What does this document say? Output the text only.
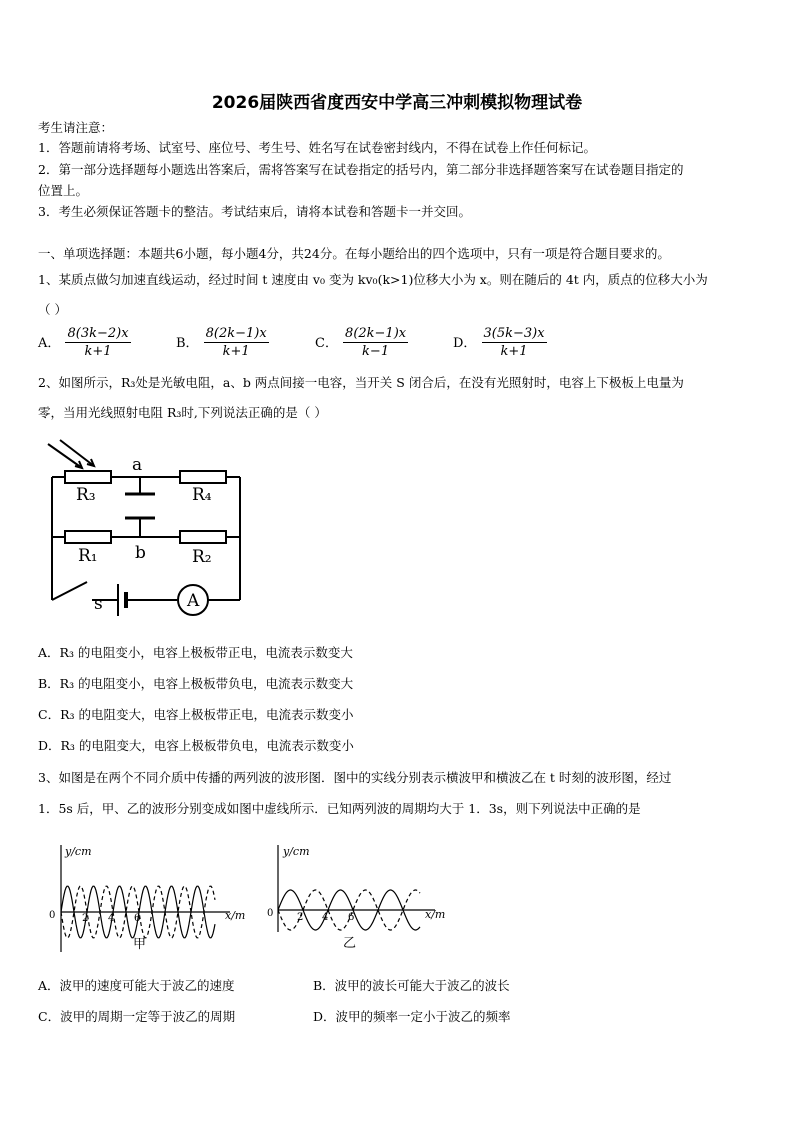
2026届陕西省度西安中学高三冲刺模拟物理试卷
考生请注意：
1．答题前请将考场、试室号、座位号、考生号、姓名写在试卷密封线内，不得在试卷上作任何标记。
2．第一部分选择题每小题选出答案后，需将答案写在试卷指定的括号内，第二部分非选择题答案写在试卷题目指定的
位置上。
3．考生必须保证答题卡的整洁。考试结束后，请将本试卷和答题卡一并交回。
一、单项选择题：本题共6小题，每小题4分，共24分。在每小题给出的四个选项中，只有一项是符合题目要求的。
1、某质点做匀加速直线运动，经过时间 t 速度由 v₀ 变为 kv₀(k>1)位移大小为 x。则在随后的 4t 内，质点的位移大小为
（ ）
A． $\frac{8(3k-2)x}{k+1}$	B． $\frac{8(2k-1)x}{k+1}$	C． $\frac{8(2k-1)x}{k-1}$	D． $\frac{3(5k-3)x}{k+1}$
2、如图所示，R₃处是光敏电阻，a、b 两点间接一电容，当开关 S 闭合后，在没有光照射时，电容上下极板上电量为
零，当用光线照射电阻 R₃时,下列说法正确的是（ ）
a
b
R₃	R₄
R₁	R₂
s	A
A．R₃ 的电阻变小，电容上极板带正电，电流表示数变大
B．R₃ 的电阻变小，电容上极板带负电，电流表示数变大
C．R₃ 的电阻变大，电容上极板带正电，电流表示数变小
D．R₃ 的电阻变大，电容上极板带负电，电流表示数变小
3、如图是在两个不同介质中传播的两列波的波形图．图中的实线分别表示横波甲和横波乙在 t 时刻的波形图，经过
1．5s 后，甲、乙的波形分别变成如图中虚线所示．已知两列波的周期均大于 1．3s，则下列说法中正确的是
y/cm
x/m
0	2 4 6
甲
y/cm
x/m
0 2 4 6
乙
A．波甲的速度可能大于波乙的速度	B．波甲的波长可能大于波乙的波长
C．波甲的周期一定等于波乙的周期	D．波甲的频率一定小于波乙的频率
